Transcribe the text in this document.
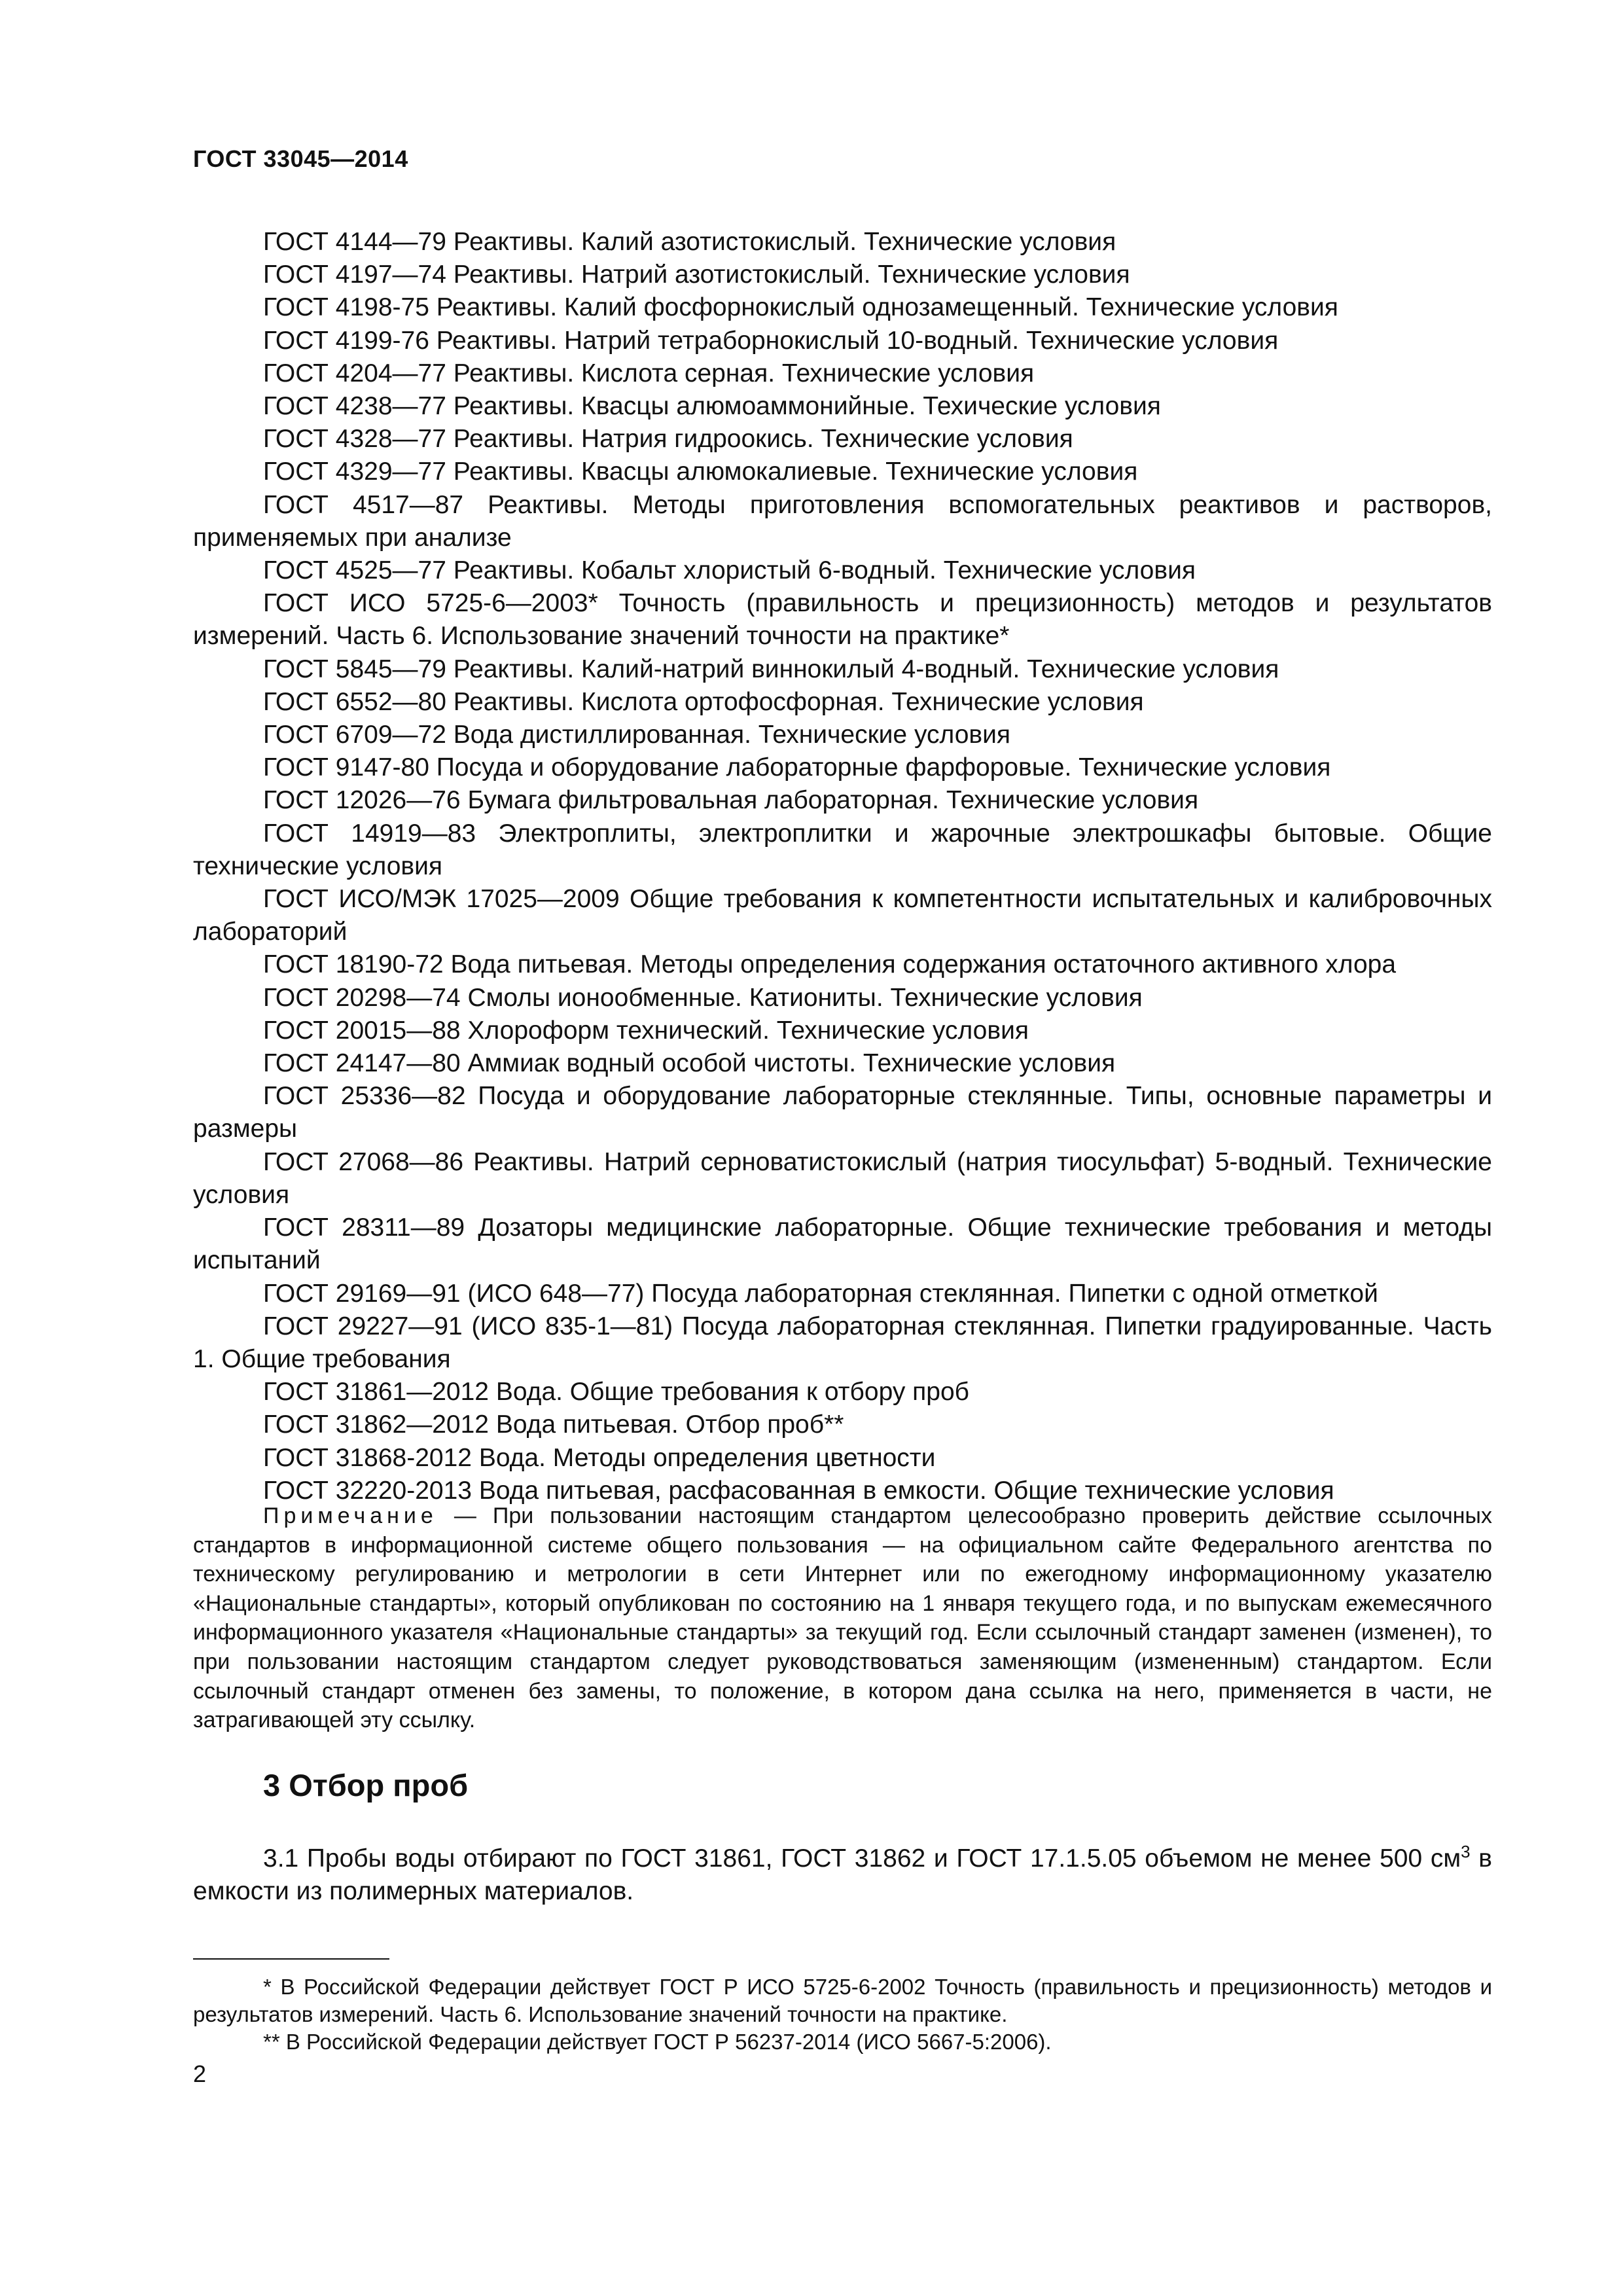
ГОСТ 33045—2014

ГОСТ 4144—79 Реактивы. Калий азотистокислый. Технические условия

ГОСТ 4197—74 Реактивы. Натрий азотистокислый. Технические условия

ГОСТ 4198-75 Реактивы. Калий фосфорнокислый однозамещенный. Технические условия

ГОСТ 4199-76 Реактивы. Натрий тетраборнокислый 10-водный. Технические условия

ГОСТ 4204—77 Реактивы. Кислота серная. Технические условия

ГОСТ 4238—77 Реактивы. Квасцы алюмоаммонийные. Техические условия

ГОСТ 4328—77 Реактивы. Натрия гидроокись. Технические условия

ГОСТ 4329—77 Реактивы. Квасцы алюмокалиевые. Технические условия

ГОСТ 4517—87 Реактивы. Методы приготовления вспомогательных реактивов и растворов, применяемых при анализе

ГОСТ 4525—77 Реактивы. Кобальт хлористый 6-водный. Технические условия

ГОСТ ИСО 5725-6—2003* Точность (правильность и прецизионность) методов и результатов измерений. Часть 6. Использование значений точности на практике*

ГОСТ 5845—79 Реактивы. Калий-натрий виннокилый 4-водный. Технические условия

ГОСТ 6552—80 Реактивы. Кислота ортофосфорная. Технические условия

ГОСТ 6709—72 Вода дистиллированная. Технические условия

ГОСТ 9147-80 Посуда и оборудование лабораторные фарфоровые. Технические условия

ГОСТ 12026—76 Бумага фильтровальная лабораторная. Технические условия

ГОСТ 14919—83 Электроплиты, электроплитки и жарочные электрошкафы бытовые. Общие технические условия

ГОСТ ИСО/МЭК 17025—2009 Общие требования к компетентности испытательных и калибровочных лабораторий

ГОСТ 18190-72 Вода питьевая. Методы определения содержания остаточного активного хлора

ГОСТ 20298—74 Смолы ионообменные. Катиониты. Технические условия

ГОСТ 20015—88 Хлороформ технический. Технические условия

ГОСТ 24147—80 Аммиак водный особой чистоты. Технические условия

ГОСТ 25336—82 Посуда и оборудование лабораторные стеклянные. Типы, основные параметры и размеры

ГОСТ 27068—86 Реактивы. Натрий серноватистокислый (натрия тиосульфат) 5-водный. Технические условия

ГОСТ 28311—89 Дозаторы медицинские лабораторные. Общие технические требования и методы испытаний

ГОСТ 29169—91 (ИСО 648—77) Посуда лабораторная стеклянная. Пипетки с одной отметкой

ГОСТ 29227—91 (ИСО 835-1—81) Посуда лабораторная стеклянная. Пипетки градуированные. Часть 1. Общие требования

ГОСТ 31861—2012 Вода. Общие требования к отбору проб

ГОСТ 31862—2012 Вода питьевая. Отбор проб**

ГОСТ 31868-2012 Вода. Методы определения цветности

ГОСТ 32220-2013 Вода питьевая, расфасованная в емкости. Общие технические условия

Примечание — При пользовании настоящим стандартом целесообразно проверить действие ссылочных стандартов в информационной системе общего пользования — на официальном сайте Федерального агентства по техническому регулированию и метрологии в сети Интернет или по ежегодному информационному указателю «Национальные стандарты», который опубликован по состоянию на 1 января текущего года, и по выпускам ежемесячного информационного указателя «Национальные стандарты» за текущий год. Если ссылочный стандарт заменен (изменен), то при пользовании настоящим стандартом следует руководствоваться заменяющим (измененным) стандартом. Если ссылочный стандарт отменен без замены, то положение, в котором дана ссылка на него, применяется в части, не затрагивающей эту ссылку.

3 Отбор проб

3.1 Пробы воды отбирают по ГОСТ 31861, ГОСТ 31862 и ГОСТ 17.1.5.05 объемом не менее 500 $см^3$ в емкости из полимерных материалов.

* В Российской Федерации действует ГОСТ Р ИСО 5725-6-2002 Точность (правильность и прецизионность) методов и результатов измерений. Часть 6. Использование значений точности на практике.

** В Российской Федерации действует ГОСТ Р 56237-2014 (ИСО 5667-5:2006).

2
